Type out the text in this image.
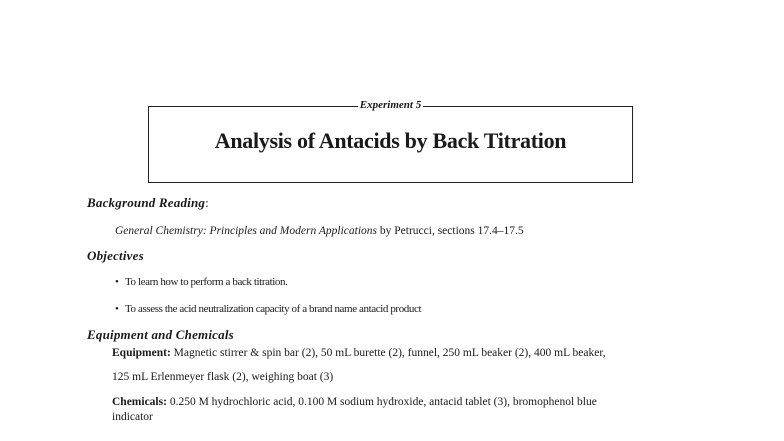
Experiment 5
Analysis of Antacids by Back Titration
Background Reading:
General Chemistry: Principles and Modern Applications by Petrucci, sections 17.4–17.5
Objectives
• To learn how to perform a back titration.
• To assess the acid neutralization capacity of a brand name antacid product
Equipment and Chemicals
Equipment: Magnetic stirrer & spin bar (2), 50 mL burette (2), funnel, 250 mL beaker (2), 400 mL beaker,
125 mL Erlenmeyer flask (2), weighing boat (3)
Chemicals: 0.250 M hydrochloric acid, 0.100 M sodium hydroxide, antacid tablet (3), bromophenol blue
indicator
